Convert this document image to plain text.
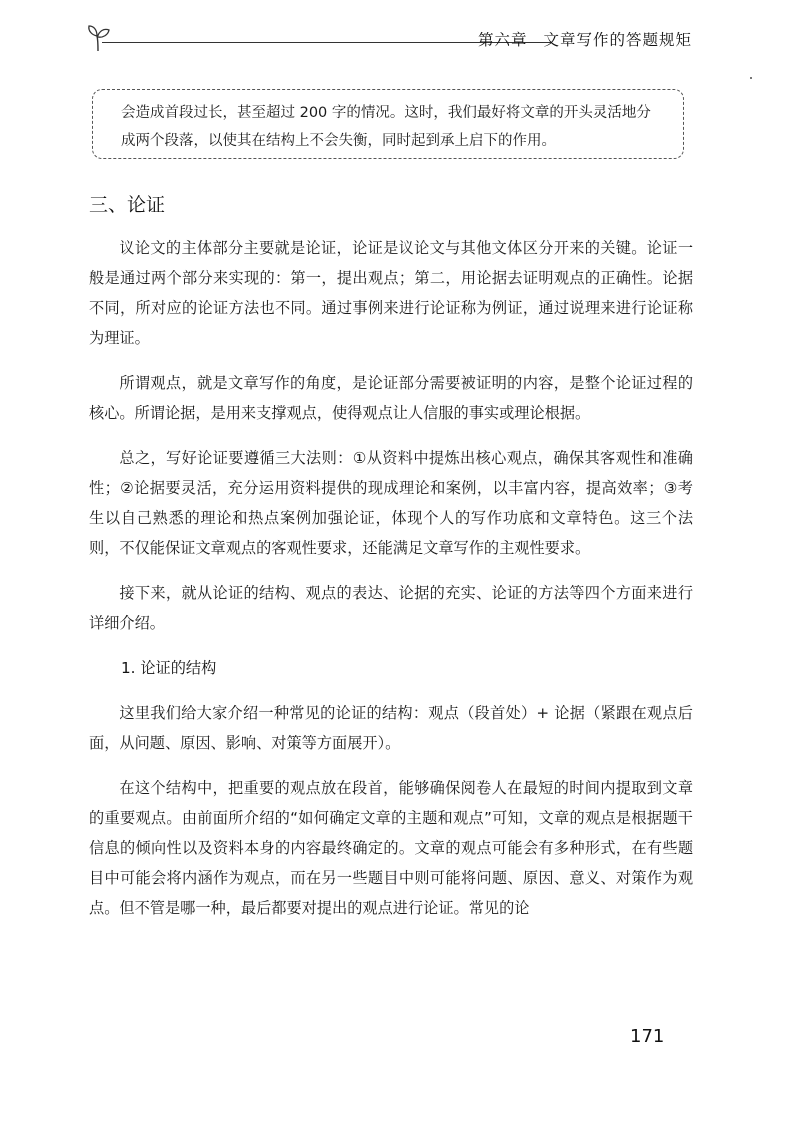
第六章 文章写作的答题规矩

会造成首段过长，甚至超过 200 字的情况。这时，我们最好将文章的开头灵活地分

成两个段落，以使其在结构上不会失衡，同时起到承上启下的作用。

三、论证

议论文的主体部分主要就是论证，论证是议论文与其他文体区分开来的关键。论证一般是通过两个部分来实现的：第一，提出观点；第二，用论据去证明观点的正确性。论据不同，所对应的论证方法也不同。通过事例来进行论证称为例证，通过说理来进行论证称为理证。

所谓观点，就是文章写作的角度，是论证部分需要被证明的内容，是整个论证过程的核心。所谓论据，是用来支撑观点，使得观点让人信服的事实或理论根据。

总之，写好论证要遵循三大法则：①从资料中提炼出核心观点，确保其客观性和准确性；②论据要灵活，充分运用资料提供的现成理论和案例，以丰富内容，提高效率；③考生以自己熟悉的理论和热点案例加强论证，体现个人的写作功底和文章特色。这三个法则，不仅能保证文章观点的客观性要求，还能满足文章写作的主观性要求。

接下来，就从论证的结构、观点的表达、论据的充实、论证的方法等四个方面来进行详细介绍。

1. 论证的结构

这里我们给大家介绍一种常见的论证的结构：观点（段首处）+ 论据（紧跟在观点后面，从问题、原因、影响、对策等方面展开）。

在这个结构中，把重要的观点放在段首，能够确保阅卷人在最短的时间内提取到文章的重要观点。由前面所介绍的“如何确定文章的主题和观点”可知，文章的观点是根据题干信息的倾向性以及资料本身的内容最终确定的。文章的观点可能会有多种形式，在有些题目中可能会将内涵作为观点，而在另一些题目中则可能将问题、原因、意义、对策作为观点。但不管是哪一种，最后都要对提出的观点进行论证。常见的论

171
